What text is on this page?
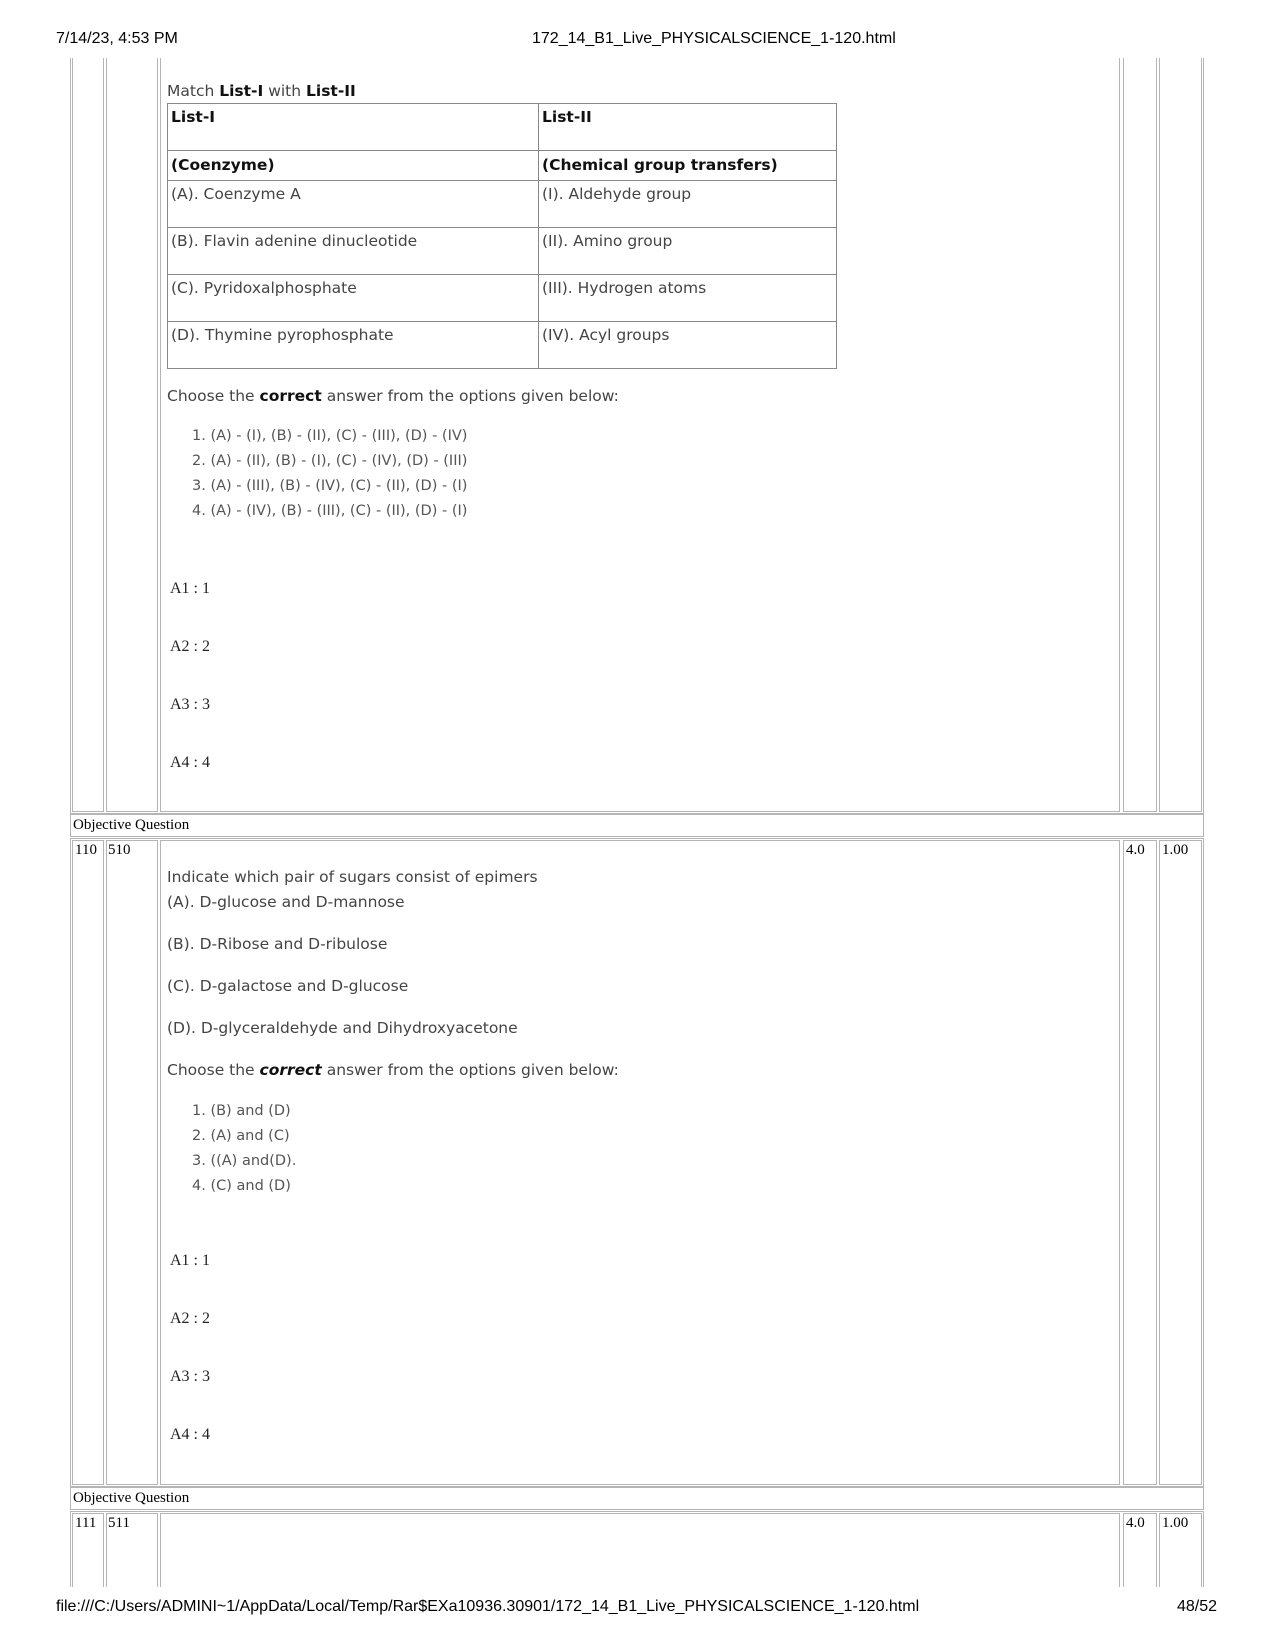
7/14/23, 4:53 PM	172_14_B1_Live_PHYSICALSCIENCE_1-120.html
Match List-I with List-II
List-I	List-II
(Coenzyme)	(Chemical group transfers)
(A). Coenzyme A	(I). Aldehyde group
(B). Flavin adenine dinucleotide	(II). Amino group
(C). Pyridoxalphosphate	(III). Hydrogen atoms
(D). Thymine pyrophosphate	(IV). Acyl groups
Choose the correct answer from the options given below:
1. (A) - (I), (B) - (II), (C) - (III), (D) - (IV)
2. (A) - (II), (B) - (I), (C) - (IV), (D) - (III)
3. (A) - (III), (B) - (IV), (C) - (II), (D) - (I)
4. (A) - (IV), (B) - (III), (C) - (II), (D) - (I)
A1 : 1
A2 : 2
A3 : 3
A4 : 4
Objective Question
110 510	4.0 1.00
Indicate which pair of sugars consist of epimers
(A). D-glucose and D-mannose
(B). D-Ribose and D-ribulose
(C). D-galactose and D-glucose
(D). D-glyceraldehyde and Dihydroxyacetone
Choose the correct answer from the options given below:
1. (B) and (D)
2. (A) and (C)
3. ((A) and(D).
4. (C) and (D)
A1 : 1
A2 : 2
A3 : 3
A4 : 4
Objective Question
111 511	4.0 1.00
file:///C:/Users/ADMINI~1/AppData/Local/Temp/Rar$EXa10936.30901/172_14_B1_Live_PHYSICALSCIENCE_1-120.html	48/52
